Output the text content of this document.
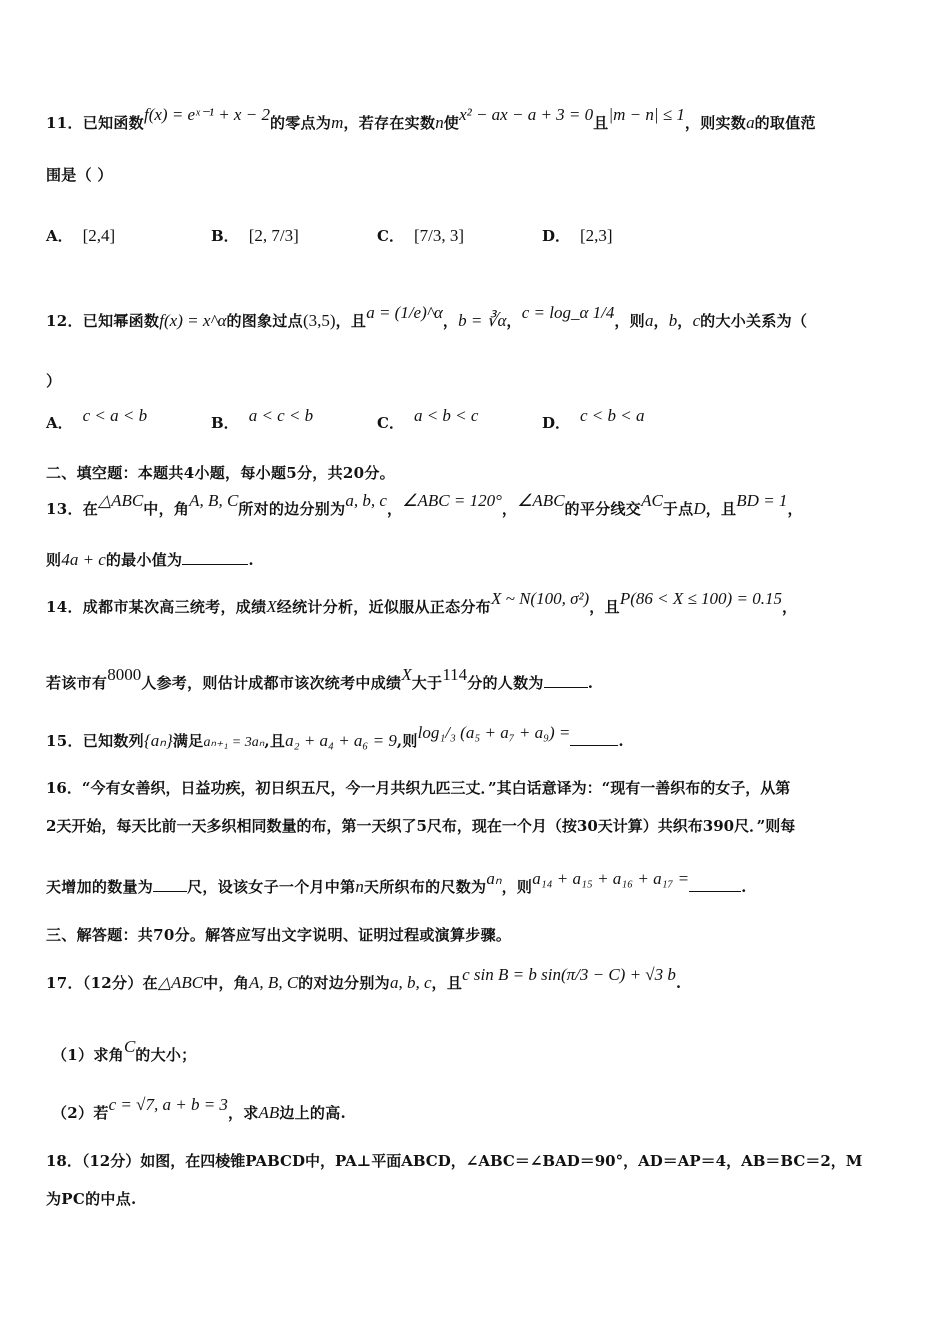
11．已知函数f(x) = eˣ⁻¹ + x − 2的零点为m，若存在实数n使x² − ax − a + 3 = 0且|m − n| ≤ 1，则实数a的取值范
围是（ ）
A． [2,4]	B． [2, 7/3]	C． [7/3, 3]	D． [2,3]
12．已知幂函数f(x) = x^α的图象过点(3,5)，且a = (1/e)^α，b = ∛α，c = log_α 1/4，则a，b，c的大小关系为（
）
A． c < a < b	B． a < c < b	C． a < b < c	D． c < b < a
二、填空题：本题共4小题，每小题5分，共20分。
13．在△ABC中，角A, B, C所对的边分别为a, b, c，∠ABC = 120°，∠ABC的平分线交AC于点D，且BD = 1，
则4a + c的最小值为	.
14．成都市某次高三统考，成绩X经统计分析，近似服从正态分布X ~ N(100, σ²)，且P(86 < X ≤ 100) = 0.15，
若该市有8000人参考，则估计成都市该次统考中成绩X大于114分的人数为	.
15．已知数列{aₙ}满足aₙ₊₁ = 3aₙ,且a₂ + a₄ + a₆ = 9,则log₁/₃ (a₅ + a₇ + a₉) =	.
16．“今有女善织，日益功疾，初日织五尺，今一月共织九匹三丈．”其白话意译为：“现有一善织布的女子，从第
2天开始，每天比前一天多织相同数量的布，第一天织了5尺布，现在一个月（按30天计算）共织布390尺．”则每
天增加的数量为 尺，设该女子一个月中第n天所织布的尺数为aₙ，则a₁₄ + a₁₅ + a₁₆ + a₁₇ =	.
三、解答题：共70分。解答应写出文字说明、证明过程或演算步骤。
17．（12分）在△ABC中，角A, B, C的对边分别为a, b, c，且c sin B = b sin(π/3 − C) + √3 b.
（1）求角C的大小；
（2）若c = √7, a + b = 3，求AB边上的高.
18．（12分）如图，在四棱锥PABCD中，PA⊥平面ABCD，∠ABC＝∠BAD＝90°，AD＝AP＝4，AB＝BC＝2，M
为PC的中点.
